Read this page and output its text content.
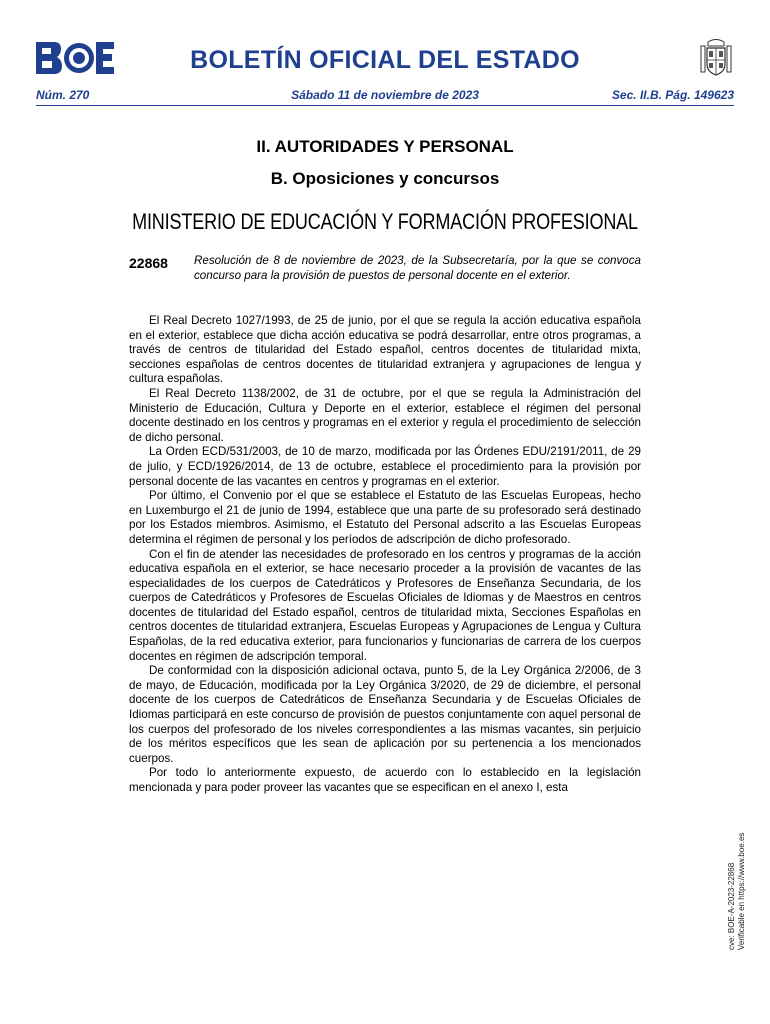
BOLETÍN OFICIAL DEL ESTADO
Sábado 11 de noviembre de 2023
Núm. 270	Sec. II.B. Pág. 149623
II. AUTORIDADES Y PERSONAL
B. Oposiciones y concursos
MINISTERIO DE EDUCACIÓN Y FORMACIÓN PROFESIONAL
22868 Resolución de 8 de noviembre de 2023, de la Subsecretaría, por la que se convoca concurso para la provisión de puestos de personal docente en el exterior.

El Real Decreto 1027/1993, de 25 de junio, por el que se regula la acción educativa española en el exterior, establece que dicha acción educativa se podrá desarrollar, entre otros programas, a través de centros de titularidad del Estado español, centros docentes de titularidad mixta, secciones españolas de centros docentes de titularidad extranjera y agrupaciones de lengua y cultura españolas.

El Real Decreto 1138/2002, de 31 de octubre, por el que se regula la Administración del Ministerio de Educación, Cultura y Deporte en el exterior, establece el régimen del personal docente destinado en los centros y programas en el exterior y regula el procedimiento de selección de dicho personal.

La Orden ECD/531/2003, de 10 de marzo, modificada por las Órdenes EDU/2191/2011, de 29 de julio, y ECD/1926/2014, de 13 de octubre, establece el procedimiento para la provisión por personal docente de las vacantes en centros y programas en el exterior.

Por último, el Convenio por el que se establece el Estatuto de las Escuelas Europeas, hecho en Luxemburgo el 21 de junio de 1994, establece que una parte de su profesorado será destinado por los Estados miembros. Asimismo, el Estatuto del Personal adscrito a las Escuelas Europeas determina el régimen de personal y los períodos de adscripción de dicho profesorado.

Con el fin de atender las necesidades de profesorado en los centros y programas de la acción educativa española en el exterior, se hace necesario proceder a la provisión de vacantes de las especialidades de los cuerpos de Catedráticos y Profesores de Enseñanza Secundaria, de los cuerpos de Catedráticos y Profesores de Escuelas Oficiales de Idiomas y de Maestros en centros docentes de titularidad del Estado español, centros de titularidad mixta, Secciones Españolas en centros docentes de titularidad extranjera, Escuelas Europeas y Agrupaciones de Lengua y Cultura Españolas, de la red educativa exterior, para funcionarios y funcionarias de carrera de los cuerpos docentes en régimen de adscripción temporal.

De conformidad con la disposición adicional octava, punto 5, de la Ley Orgánica 2/2006, de 3 de mayo, de Educación, modificada por la Ley Orgánica 3/2020, de 29 de diciembre, el personal docente de los cuerpos de Catedráticos de Enseñanza Secundaria y de Escuelas Oficiales de Idiomas participará en este concurso de provisión de puestos conjuntamente con aquel personal de los cuerpos del profesorado de los niveles correspondientes a las mismas vacantes, sin perjuicio de los méritos específicos que les sean de aplicación por su pertenencia a los mencionados cuerpos.

Por todo lo anteriormente expuesto, de acuerdo con lo establecido en la legislación mencionada y para poder proveer las vacantes que se especifican en el anexo I, esta

cve: BOE-A-2023-22868 Verificable en https://www.boe.es
